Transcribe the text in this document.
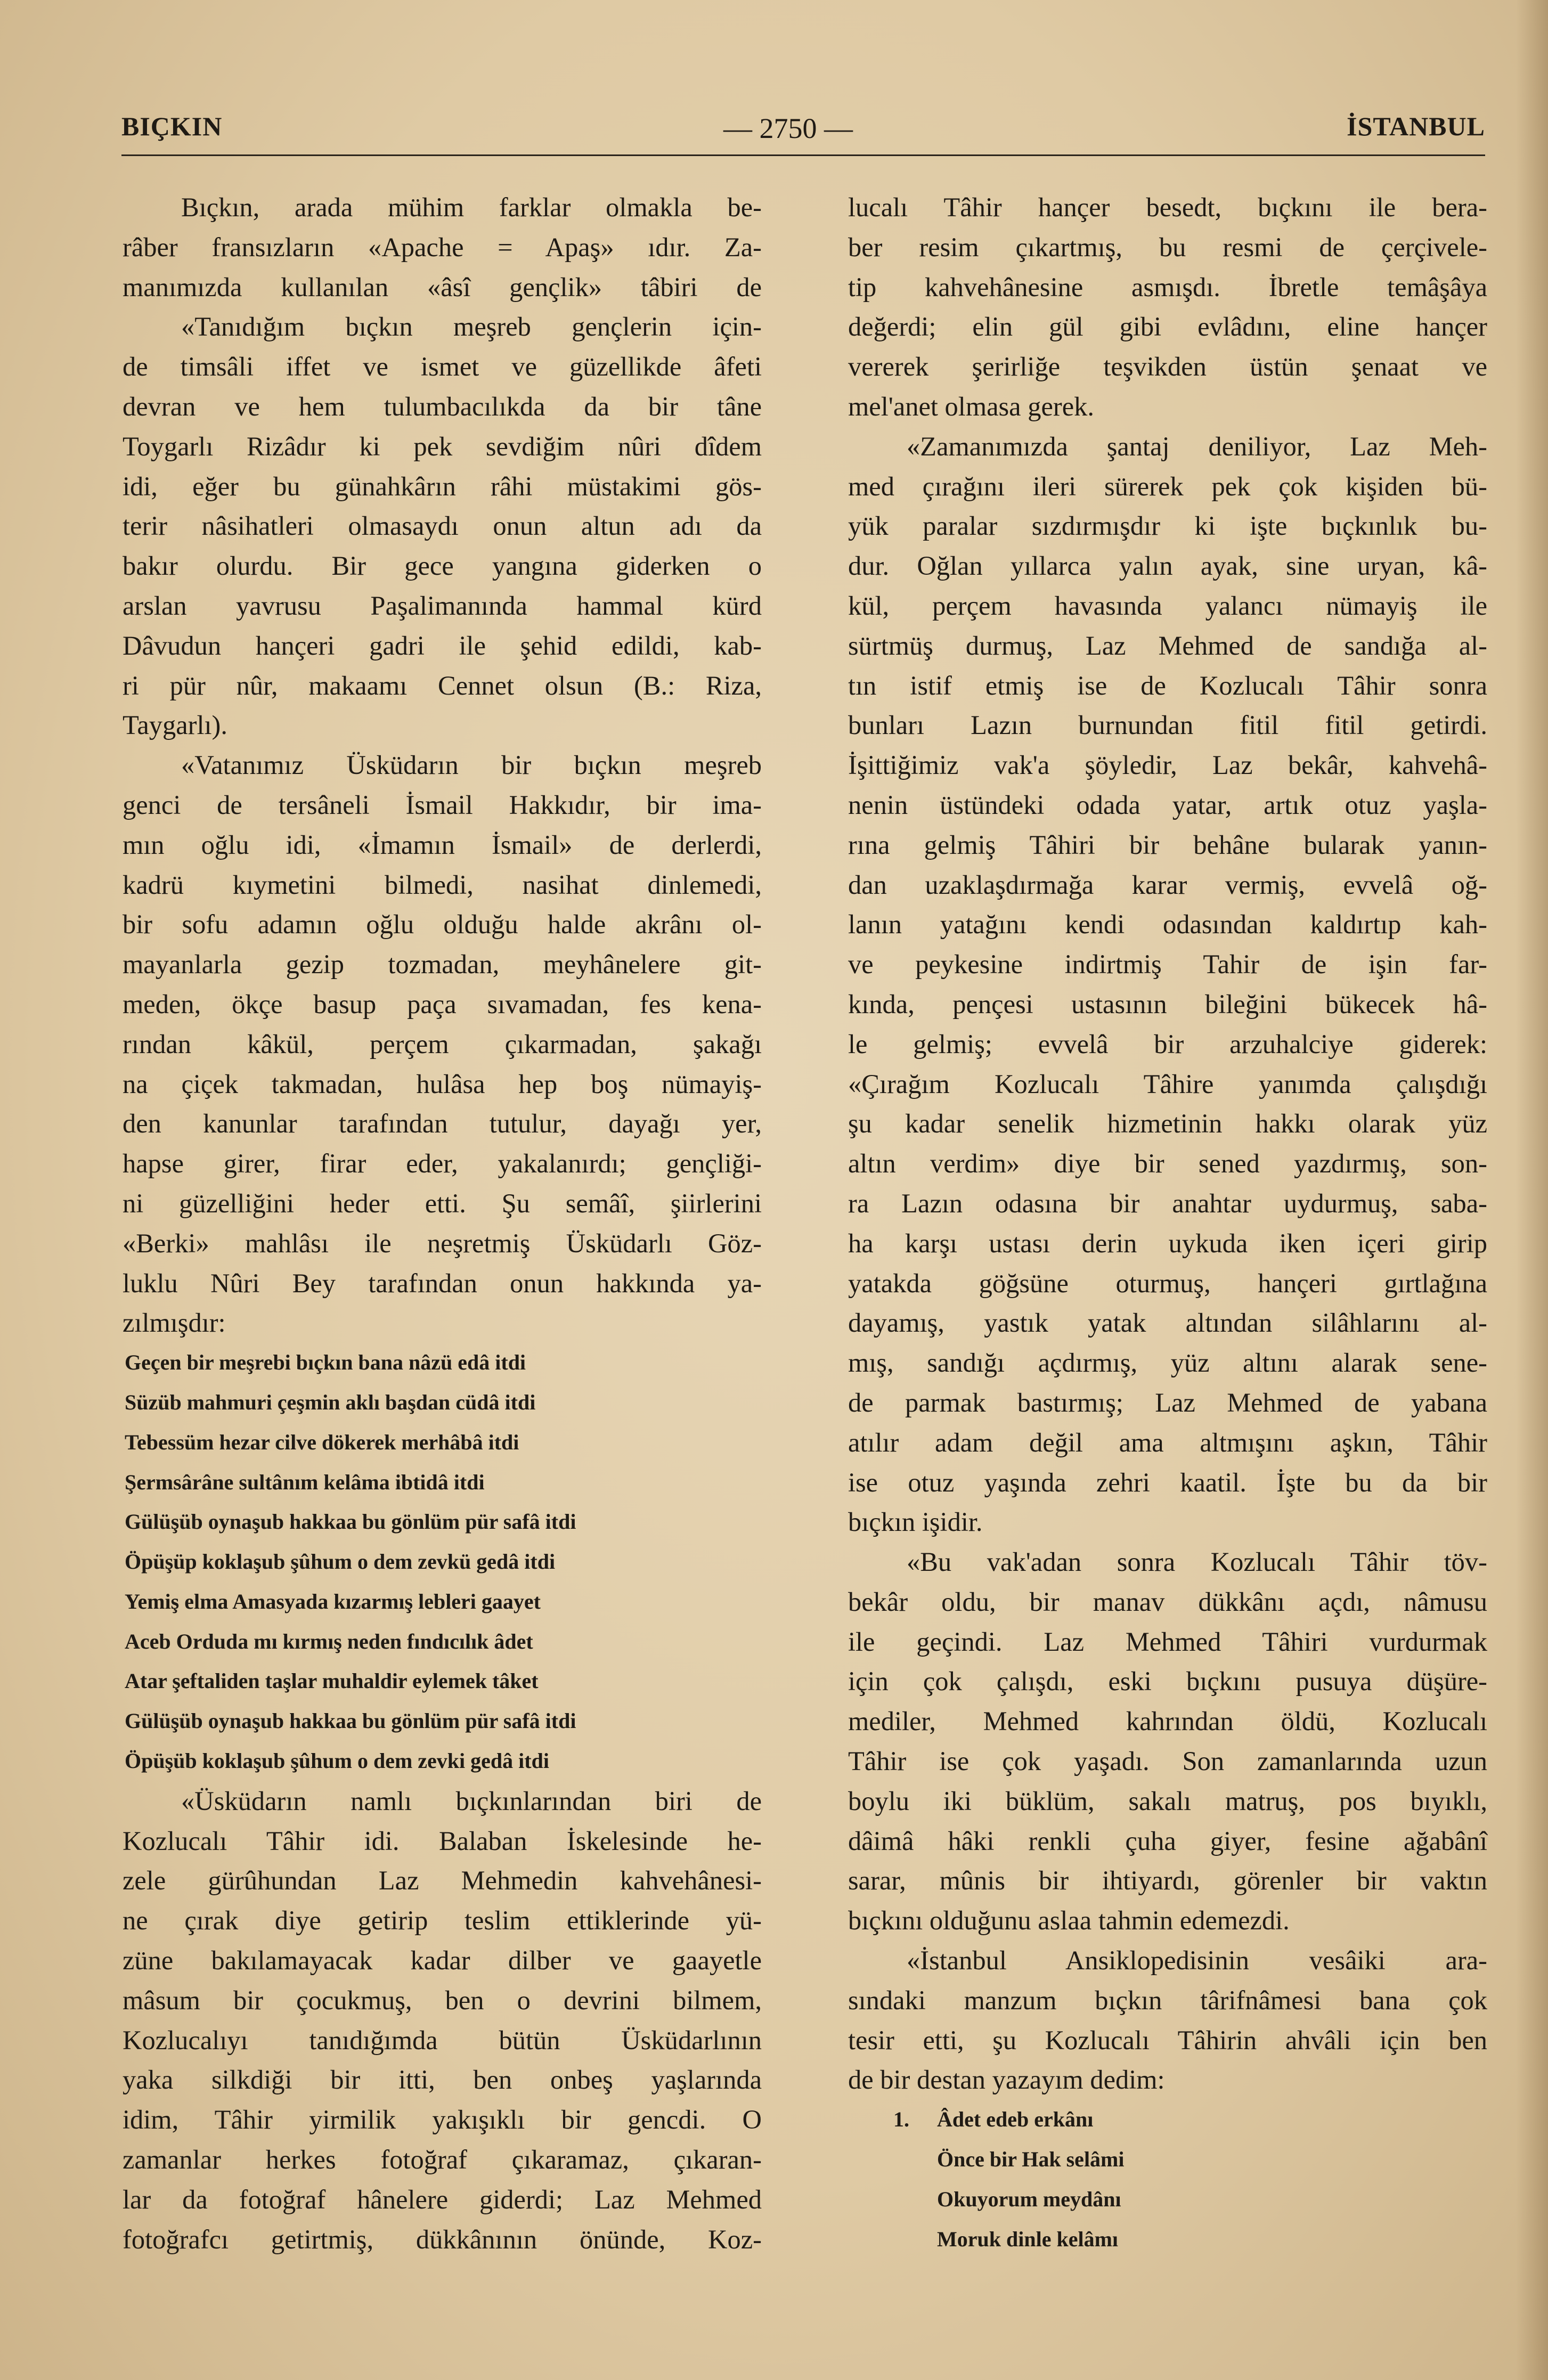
BIÇKIN	— 2750 —	İSTANBUL
Bıçkın, arada mühim farklar olmakla be-
râber fransızların «Apache = Apaş» ıdır. Za-
manımızda kullanılan «âsî gençlik» tâbiri de
«Tanıdığım bıçkın meşreb gençlerin için-
de timsâli iffet ve ismet ve güzellikde âfeti
devran ve hem tulumbacılıkda da bir tâne
Toygarlı Rizâdır ki pek sevdiğim nûri dîdem
idi, eğer bu günahkârın râhi müstakimi gös-
terir nâsihatleri olmasaydı onun altun adı da
bakır olurdu. Bir gece yangına giderken o
arslan yavrusu Paşalimanında hammal kürd
Dâvudun hançeri gadri ile şehid edildi, kab-
ri pür nûr, makaamı Cennet olsun (B.: Riza,
Taygarlı).
«Vatanımız Üsküdarın bir bıçkın meşreb
genci de tersâneli İsmail Hakkıdır, bir ima-
mın oğlu idi, «İmamın İsmail» de derlerdi,
kadrü kıymetini bilmedi, nasihat dinlemedi,
bir sofu adamın oğlu olduğu halde akrânı ol-
mayanlarla gezip tozmadan, meyhânelere git-
meden, ökçe basup paça sıvamadan, fes kena-
rından kâkül, perçem çıkarmadan, şakağı
na çiçek takmadan, hulâsa hep boş nümayiş-
den kanunlar tarafından tutulur, dayağı yer,
hapse girer, firar eder, yakalanırdı; gençliği-
ni güzelliğini heder etti. Şu semâî, şiirlerini
«Berki» mahlâsı ile neşretmiş Üsküdarlı Göz-
luklu Nûri Bey tarafından onun hakkında ya-
zılmışdır:
Geçen bir meşrebi bıçkın bana nâzü edâ itdi
Süzüb mahmuri çeşmin aklı başdan cüdâ itdi
Tebessüm hezar cilve dökerek merhâbâ itdi
Şermsârâne sultânım kelâma ibtidâ itdi
Gülüşüb oynaşub hakkaa bu gönlüm pür safâ itdi
Öpüşüp koklaşub şûhum o dem zevkü gedâ itdi
Yemiş elma Amasyada kızarmış lebleri gaayet
Aceb Orduda mı kırmış neden fındıcılık âdet
Atar şeftaliden taşlar muhaldir eylemek tâket
Gülüşüb oynaşub hakkaa bu gönlüm pür safâ itdi
Öpüşüb koklaşub şûhum o dem zevki gedâ itdi
«Üsküdarın namlı bıçkınlarından biri de
Kozlucalı Tâhir idi. Balaban İskelesinde he-
zele gürûhundan Laz Mehmedin kahvehânesi-
ne çırak diye getirip teslim ettiklerinde yü-
züne bakılamayacak kadar dilber ve gaayetle
mâsum bir çocukmuş, ben o devrini bilmem,
Kozlucalıyı tanıdığımda bütün Üsküdarlının
yaka silkdiği bir itti, ben onbeş yaşlarında
idim, Tâhir yirmilik yakışıklı bir gencdi. O
zamanlar herkes fotoğraf çıkaramaz, çıkaran-
lar da fotoğraf hânelere giderdi; Laz Mehmed
fotoğrafcı getirtmiş, dükkânının önünde, Koz-
lucalı Tâhir hançer besedt, bıçkını ile bera-
ber resim çıkartmış, bu resmi de çerçivele-
tip kahvehânesine asmışdı. İbretle temâşâya
değerdi; elin gül gibi evlâdını, eline hançer
vererek şerirliğe teşvikden üstün şenaat ve
mel'anet olmasa gerek.
«Zamanımızda şantaj deniliyor, Laz Meh-
med çırağını ileri sürerek pek çok kişiden bü-
yük paralar sızdırmışdır ki işte bıçkınlık bu-
dur. Oğlan yıllarca yalın ayak, sine uryan, kâ-
kül, perçem havasında yalancı nümayiş ile
sürtmüş durmuş, Laz Mehmed de sandığa al-
tın istif etmiş ise de Kozlucalı Tâhir sonra
bunları Lazın burnundan fitil fitil getirdi.
İşittiğimiz vak'a şöyledir, Laz bekâr, kahvehâ-
nenin üstündeki odada yatar, artık otuz yaşla-
rına gelmiş Tâhiri bir behâne bularak yanın-
dan uzaklaşdırmağa karar vermiş, evvelâ oğ-
lanın yatağını kendi odasından kaldırtıp kah-
ve peykesine indirtmiş Tahir de işin far-
kında, pençesi ustasının bileğini bükecek hâ-
le gelmiş; evvelâ bir arzuhalciye giderek:
«Çırağım Kozlucalı Tâhire yanımda çalışdığı
şu kadar senelik hizmetinin hakkı olarak yüz
altın verdim» diye bir sened yazdırmış, son-
ra Lazın odasına bir anahtar uydurmuş, saba-
ha karşı ustası derin uykuda iken içeri girip
yatakda göğsüne oturmuş, hançeri gırtlağına
dayamış, yastık yatak altından silâhlarını al-
mış, sandığı açdırmış, yüz altını alarak sene-
de parmak bastırmış; Laz Mehmed de yabana
atılır adam değil ama altmışını aşkın, Tâhir
ise otuz yaşında zehri kaatil. İşte bu da bir
bıçkın işidir.
«Bu vak'adan sonra Kozlucalı Tâhir töv-
bekâr oldu, bir manav dükkânı açdı, nâmusu
ile geçindi. Laz Mehmed Tâhiri vurdurmak
için çok çalışdı, eski bıçkını pusuya düşüre-
mediler, Mehmed kahrından öldü, Kozlucalı
Tâhir ise çok yaşadı. Son zamanlarında uzun
boylu iki büklüm, sakalı matruş, pos bıyıklı,
dâimâ hâki renkli çuha giyer, fesine ağabânî
sarar, mûnis bir ihtiyardı, görenler bir vaktın
bıçkını olduğunu aslaa tahmin edemezdi.
«İstanbul Ansiklopedisinin vesâiki ara-
sındaki manzum bıçkın târifnâmesi bana çok
tesir etti, şu Kozlucalı Tâhirin ahvâli için ben
de bir destan yazayım dedim:
1. Âdet edeb erkânı
Önce bir Hak selâmi
Okuyorum meydânı
Moruk dinle kelâmı
